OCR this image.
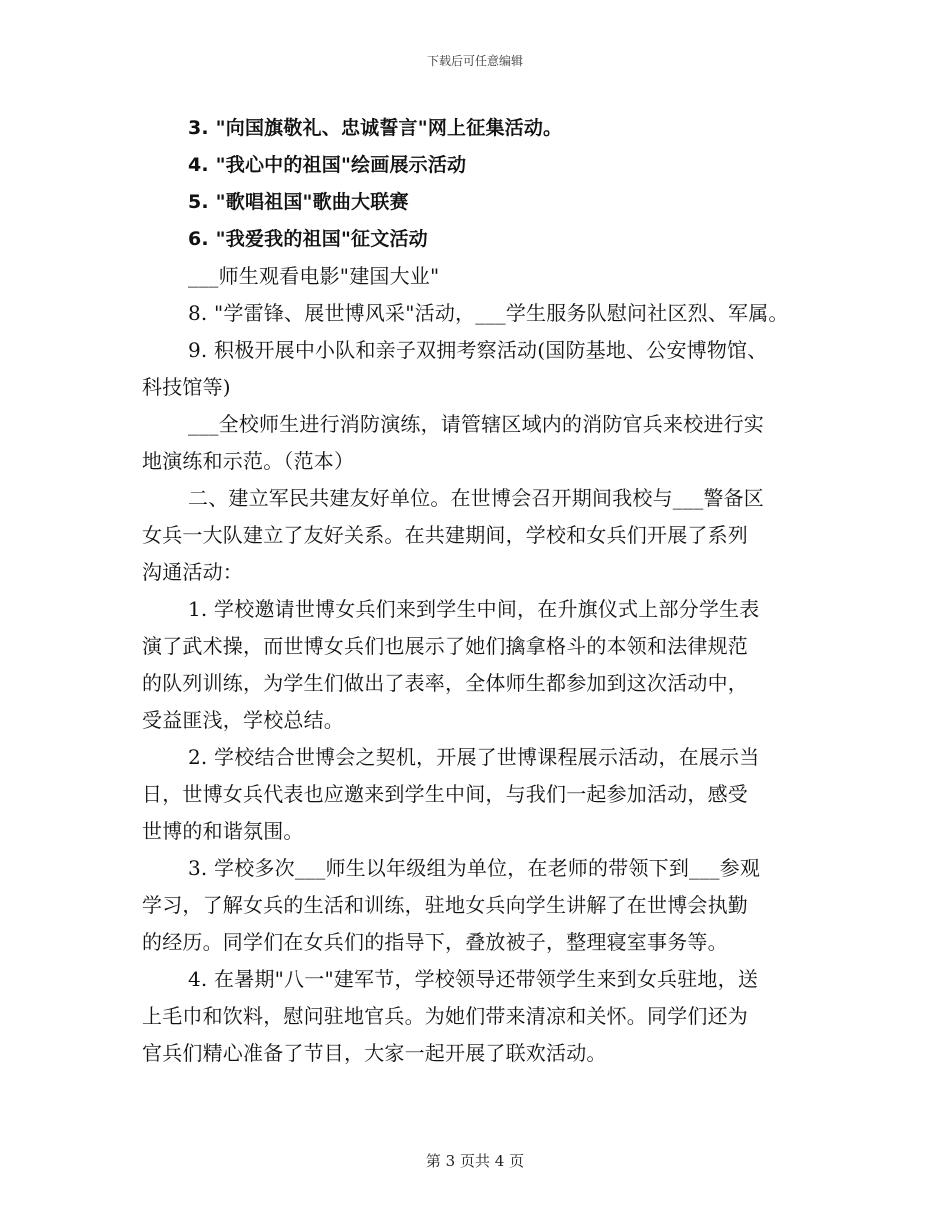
下载后可任意编辑
3. "向国旗敬礼、忠诚誓言"网上征集活动。
4. "我心中的祖国"绘画展示活动
5. "歌唱祖国"歌曲大联赛
6. "我爱我的祖国"征文活动
___师生观看电影"建国大业"
8. "学雷锋、展世博风采"活动，___学生服务队慰问社区烈、军属。
9. 积极开展中小队和亲子双拥考察活动(国防基地、公安博物馆、
科技馆等)
___全校师生进行消防演练，请管辖区域内的消防官兵来校进行实
地演练和示范。（范本）
二、建立军民共建友好单位。在世博会召开期间我校与___警备区
女兵一大队建立了友好关系。在共建期间，学校和女兵们开展了系列
沟通活动：
1. 学校邀请世博女兵们来到学生中间，在升旗仪式上部分学生表
演了武术操，而世博女兵们也展示了她们擒拿格斗的本领和法律规范
的队列训练，为学生们做出了表率，全体师生都参加到这次活动中，
受益匪浅，学校总结。
2. 学校结合世博会之契机，开展了世博课程展示活动，在展示当
日，世博女兵代表也应邀来到学生中间，与我们一起参加活动，感受
世博的和谐氛围。
3. 学校多次___师生以年级组为单位，在老师的带领下到___参观
学习，了解女兵的生活和训练，驻地女兵向学生讲解了在世博会执勤
的经历。同学们在女兵们的指导下，叠放被子，整理寝室事务等。
4. 在暑期"八一"建军节，学校领导还带领学生来到女兵驻地，送
上毛巾和饮料，慰问驻地官兵。为她们带来清凉和关怀。同学们还为
官兵们精心准备了节目，大家一起开展了联欢活动。
第 3 页共 4 页
